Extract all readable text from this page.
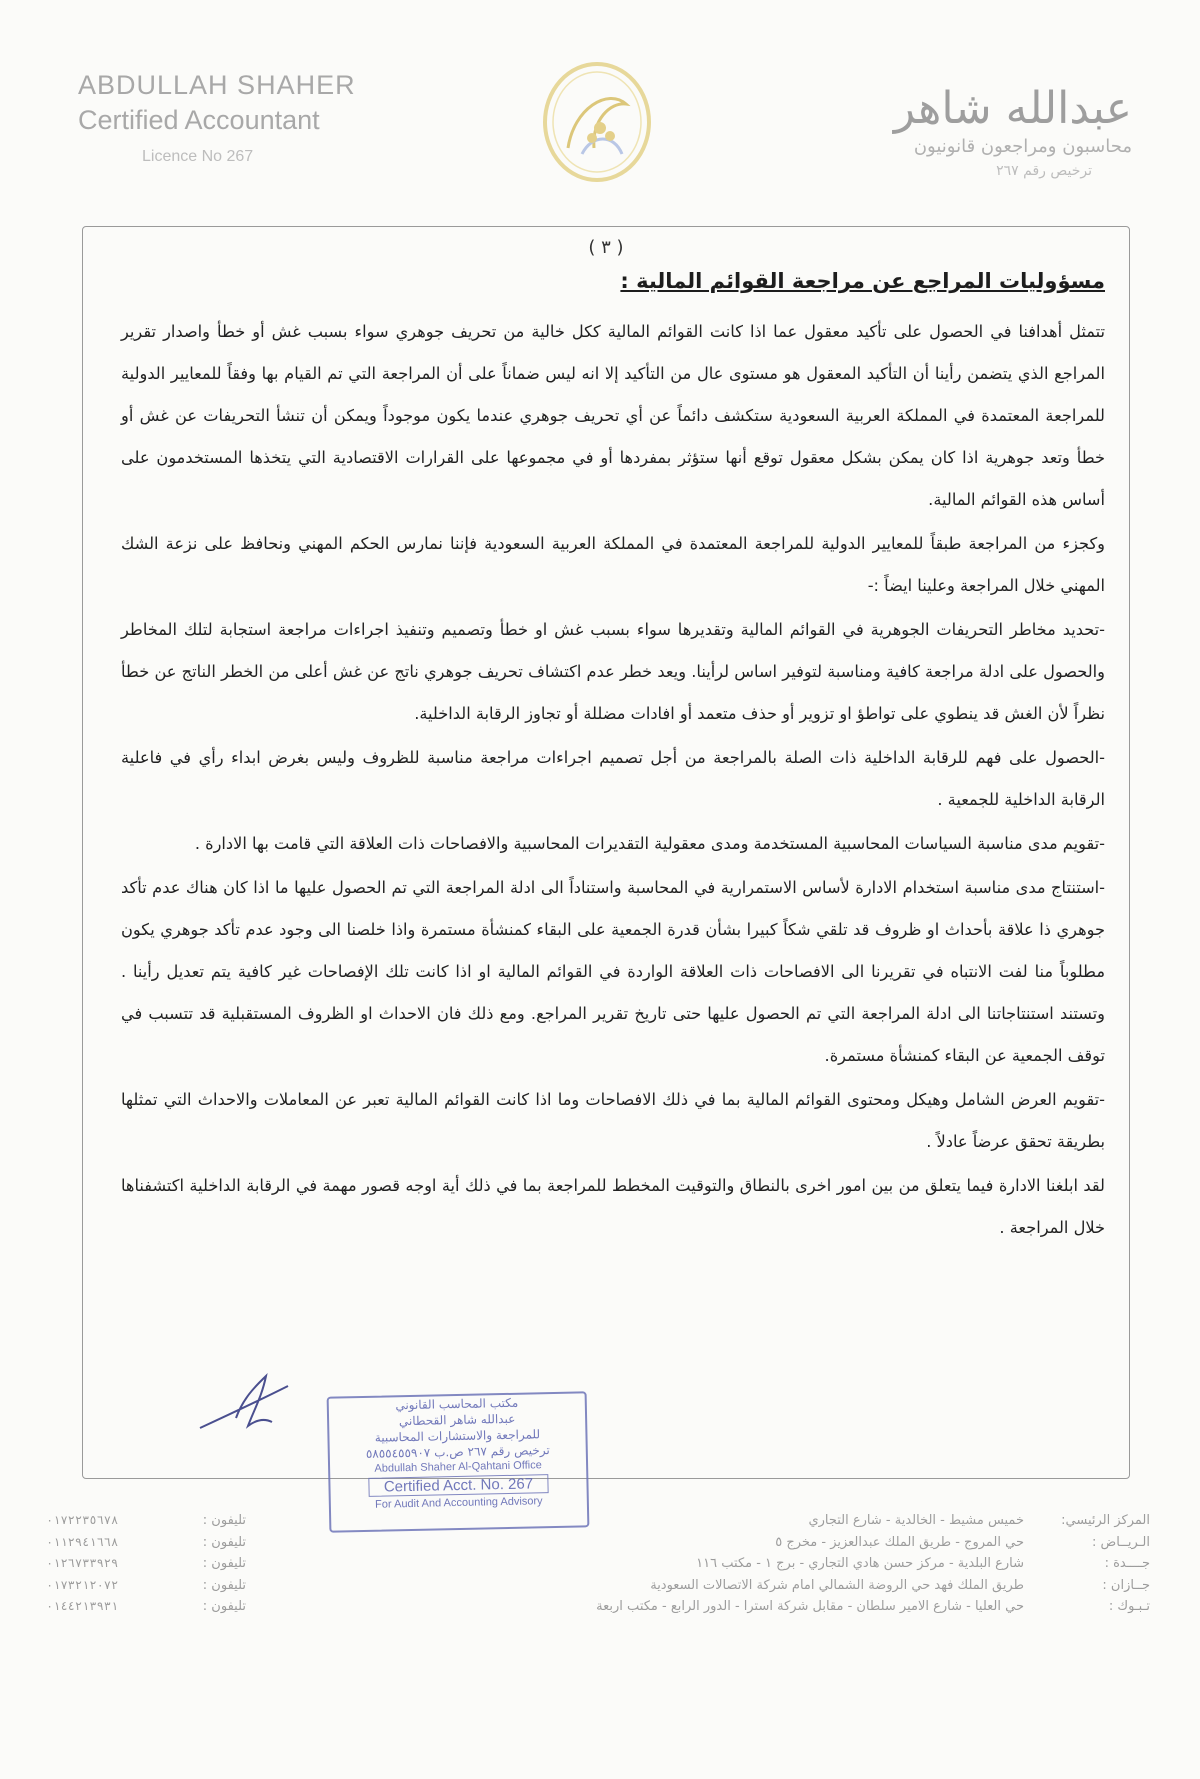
ABDULLAH SHAHER
Certified Accountant
Licence No 267
عبدالله شاهر
محاسبون ومراجعون قانونيون
ترخيص رقم ٢٦٧
( ٣ )
مسؤوليات المراجع عن مراجعة القوائم المالية :

تتمثل أهدافنا في الحصول على تأكيد معقول عما اذا كانت القوائم المالية ككل خالية من تحريف جوهري سواء بسبب غش أو خطأ واصدار تقرير المراجع الذي يتضمن رأينا أن التأكيد المعقول هو مستوى عال من التأكيد إلا انه ليس ضماناً على أن المراجعة التي تم القيام بها وفقاً للمعايير الدولية للمراجعة المعتمدة في المملكة العربية السعودية ستكشف دائماً عن أي تحريف جوهري عندما يكون موجوداً ويمكن أن تنشأ التحريفات عن غش أو خطأ وتعد جوهرية اذا كان يمكن بشكل معقول توقع أنها ستؤثر بمفردها أو في مجموعها على القرارات الاقتصادية التي يتخذها المستخدمون على أساس هذه القوائم المالية.

وكجزء من المراجعة طبقاً للمعايير الدولية للمراجعة المعتمدة في المملكة العربية السعودية فإننا نمارس الحكم المهني ونحافظ على نزعة الشك المهني خلال المراجعة وعلينا ايضاً :-

-تحديد مخاطر التحريفات الجوهرية في القوائم المالية وتقديرها سواء بسبب غش او خطأ وتصميم وتنفيذ اجراءات مراجعة استجابة لتلك المخاطر والحصول على ادلة مراجعة كافية ومناسبة لتوفير اساس لرأينا. ويعد خطر عدم اكتشاف تحريف جوهري ناتج عن غش أعلى من الخطر الناتج عن خطأ نظراً لأن الغش قد ينطوي على تواطؤ او تزوير أو حذف متعمد أو افادات مضللة أو تجاوز الرقابة الداخلية.

-الحصول على فهم للرقابة الداخلية ذات الصلة بالمراجعة من أجل تصميم اجراءات مراجعة مناسبة للظروف وليس بغرض ابداء رأي في فاعلية الرقابة الداخلية للجمعية .

-تقويم مدى مناسبة السياسات المحاسبية المستخدمة ومدى معقولية التقديرات المحاسبية والافصاحات ذات العلاقة التي قامت بها الادارة .

-استنتاج مدى مناسبة استخدام الادارة لأساس الاستمرارية في المحاسبة واستناداً الى ادلة المراجعة التي تم الحصول عليها ما اذا كان هناك عدم تأكد جوهري ذا علاقة بأحداث او ظروف قد تلقي شكاً كبيرا بشأن قدرة الجمعية على البقاء كمنشأة مستمرة واذا خلصنا الى وجود عدم تأكد جوهري يكون مطلوباً منا لفت الانتباه في تقريرنا الى الافصاحات ذات العلاقة الواردة في القوائم المالية او اذا كانت تلك الإفصاحات غير كافية يتم تعديل رأينا . وتستند استنتاجاتنا الى ادلة المراجعة التي تم الحصول عليها حتى تاريخ تقرير المراجع. ومع ذلك فان الاحداث او الظروف المستقبلية قد تتسبب في توقف الجمعية عن البقاء كمنشأة مستمرة.

-تقويم العرض الشامل وهيكل ومحتوى القوائم المالية بما في ذلك الافصاحات وما اذا كانت القوائم المالية تعبر عن المعاملات والاحداث التي تمثلها بطريقة تحقق عرضاً عادلاً .

لقد ابلغنا الادارة فيما يتعلق من بين امور اخرى بالنطاق والتوقيت المخطط للمراجعة بما في ذلك أية اوجه قصور مهمة في الرقابة الداخلية اكتشفناها خلال المراجعة .

مكتب المحاسب القانوني
عبدالله شاهر القحطاني
للمراجعة والاستشارات المحاسبية
ترخيص رقم ٢٦٧ ص.ب ٥٨٥٥٤٥٥٩٠٧
Abdullah Shaher Al-Qahtani Office
Certified Acct. No. 267
For Audit And Accounting Advisory
المركز الرئيسي:
خميس مشيط - الخالدية - شارع التجاري
تليفون :
٠١٧٢٢٣٥٦٧٨
الـريــاض :
حي المروج - طريق الملك عبدالعزيز - مخرج ٥
تليفون :
٠١١٢٩٤١٦٦٨
جــــدة :
شارع البلدية - مركز حسن هادي التجاري - برج ١ - مكتب ١١٦
تليفون :
٠١٢٦٧٣٣٩٢٩
جــازان :
طريق الملك فهد حي الروضة الشمالي امام شركة الاتصالات السعودية
تليفون :
٠١٧٣٢١٢٠٧٢
تـبـوك :
حي العليا - شارع الامير سلطان - مقابل شركة استرا - الدور الرابع - مكتب اربعة
تليفون :
٠١٤٤٢١٣٩٣١
